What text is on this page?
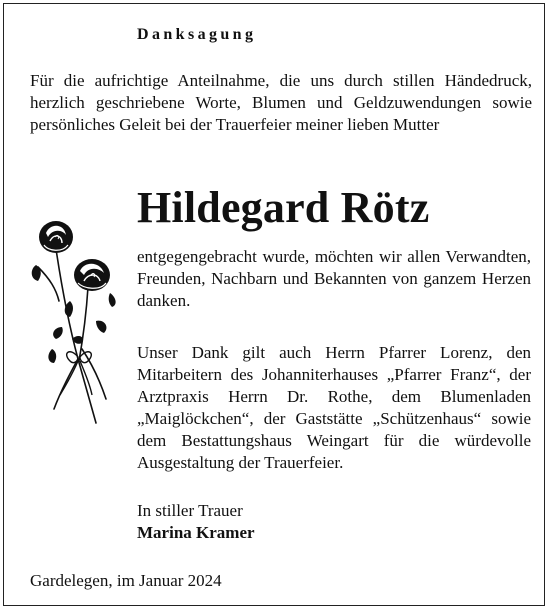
Danksagung
Für die aufrichtige Anteilnahme, die uns durch stillen Händedruck, herzlich geschriebene Worte, Blumen und Geldzuwendungen sowie persönliches Geleit bei der Trauerfeier meiner lieben Mutter
Hildegard Rötz
entgegengebracht wurde, möchten wir allen Verwandten, Freunden, Nachbarn und Bekannten von ganzem Herzen danken.
Unser Dank gilt auch Herrn Pfarrer Lorenz, den Mitarbeitern des Johanniterhauses „Pfarrer Franz“, der Arztpraxis Herrn Dr. Rothe, dem Blumenladen „Maiglöckchen“, der Gaststätte „Schützenhaus“ sowie dem Bestattungshaus Weingart für die würdevolle Ausgestaltung der Trauerfeier.
In stiller Trauer
Marina Kramer
Gardelegen, im Januar 2024
